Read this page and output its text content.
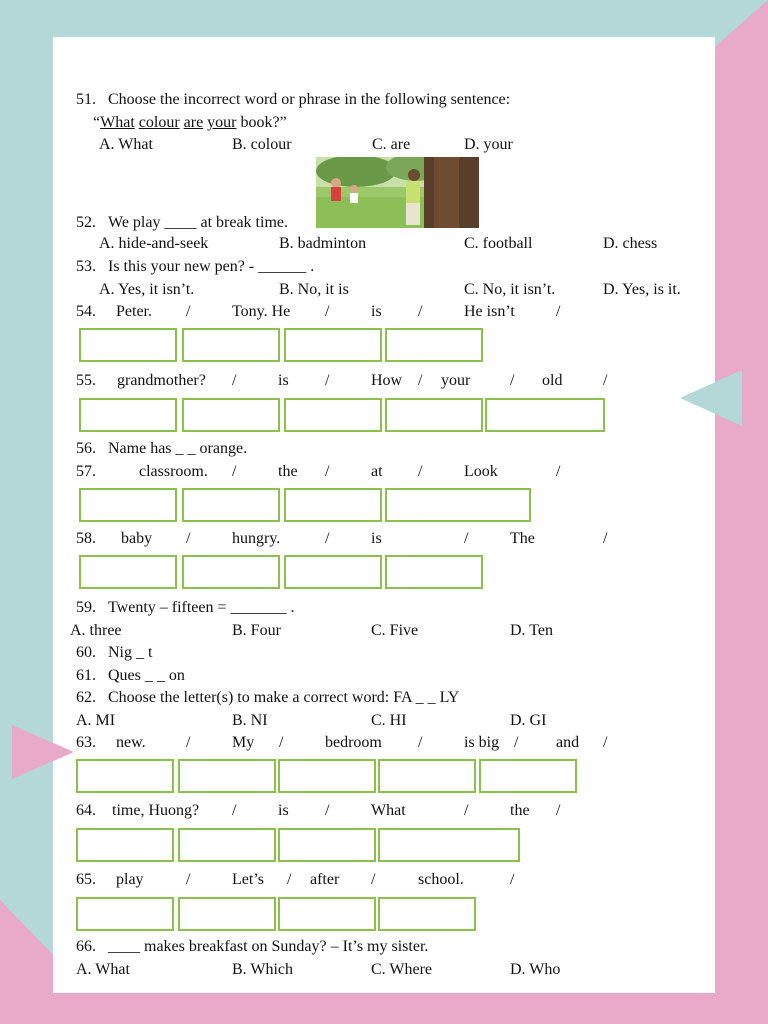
51. Choose the incorrect word or phrase in the following sentence:
“What colour are your book?”
A. What	B. colour	C. are	D. your
52. We play ____ at break time.
A. hide-and-seek	B. badminton	C. football	D. chess
53. Is this your new pen? - ______ .
A. Yes, it isn’t.	B. No, it is	C. No, it isn’t.	D. Yes, is it.
54. Peter. /	Tony. He /	is /	He isn’t	/
55. grandmother? /	is /	How / your / old	/
56. Name has _ _ orange.
57.	classroom. /	the /	at /	Look	/
58. baby /	hungry.	/	is	/	The	/
59. Twenty – fifteen = _______ .
A. three	B. Four	C. Five	D. Ten
60. Nig _ t
61. Ques _ _ on
62. Choose the letter(s) to make a correct word: FA _ _ LY
A. MI	B. NI	C. HI	D. GI
63. new.	/	My /	bedroom /	is big / and /
64. time, Huong? /	is /	What	/	the /
65. play	/	Let’s / after /	school.	/
66. ____ makes breakfast on Sunday? – It’s my sister.
A. What	B. Which	C. Where	D. Who
